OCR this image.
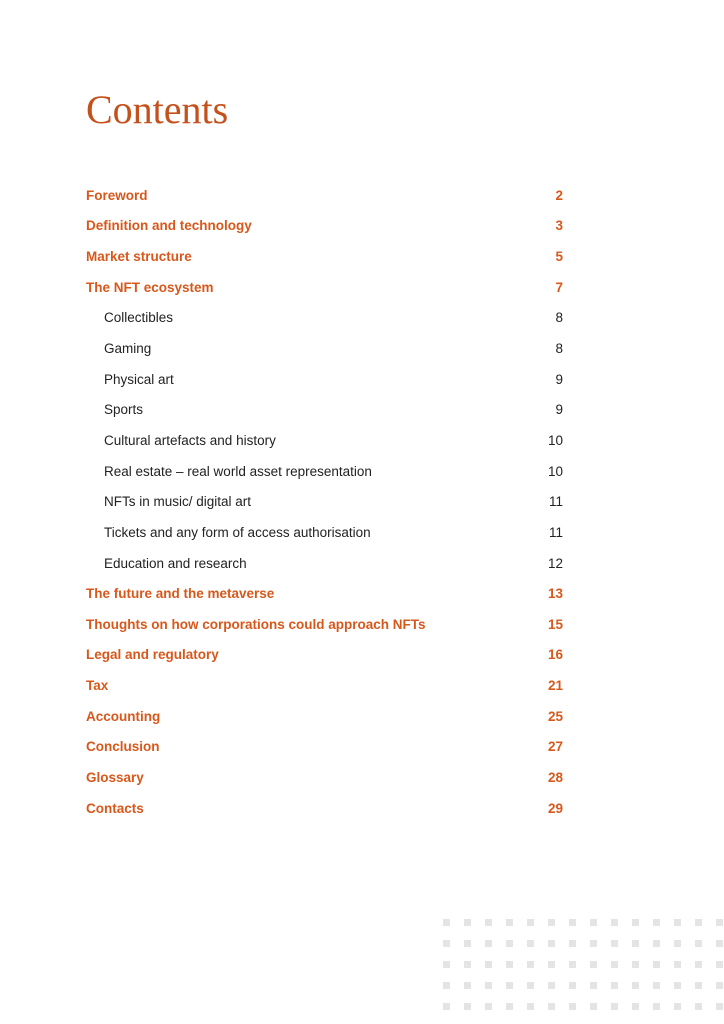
Contents
Foreword	2
Definition and technology	3
Market structure	5
The NFT ecosystem	7
Collectibles	8
Gaming	8
Physical art	9
Sports	9
Cultural artefacts and history	10
Real estate – real world asset representation	10
NFTs in music/ digital art	11
Tickets and any form of access authorisation	11
Education and research	12
The future and the metaverse	13
Thoughts on how corporations could approach NFTs	15
Legal and regulatory	16
Tax	21
Accounting	25
Conclusion	27
Glossary	28
Contacts	29
